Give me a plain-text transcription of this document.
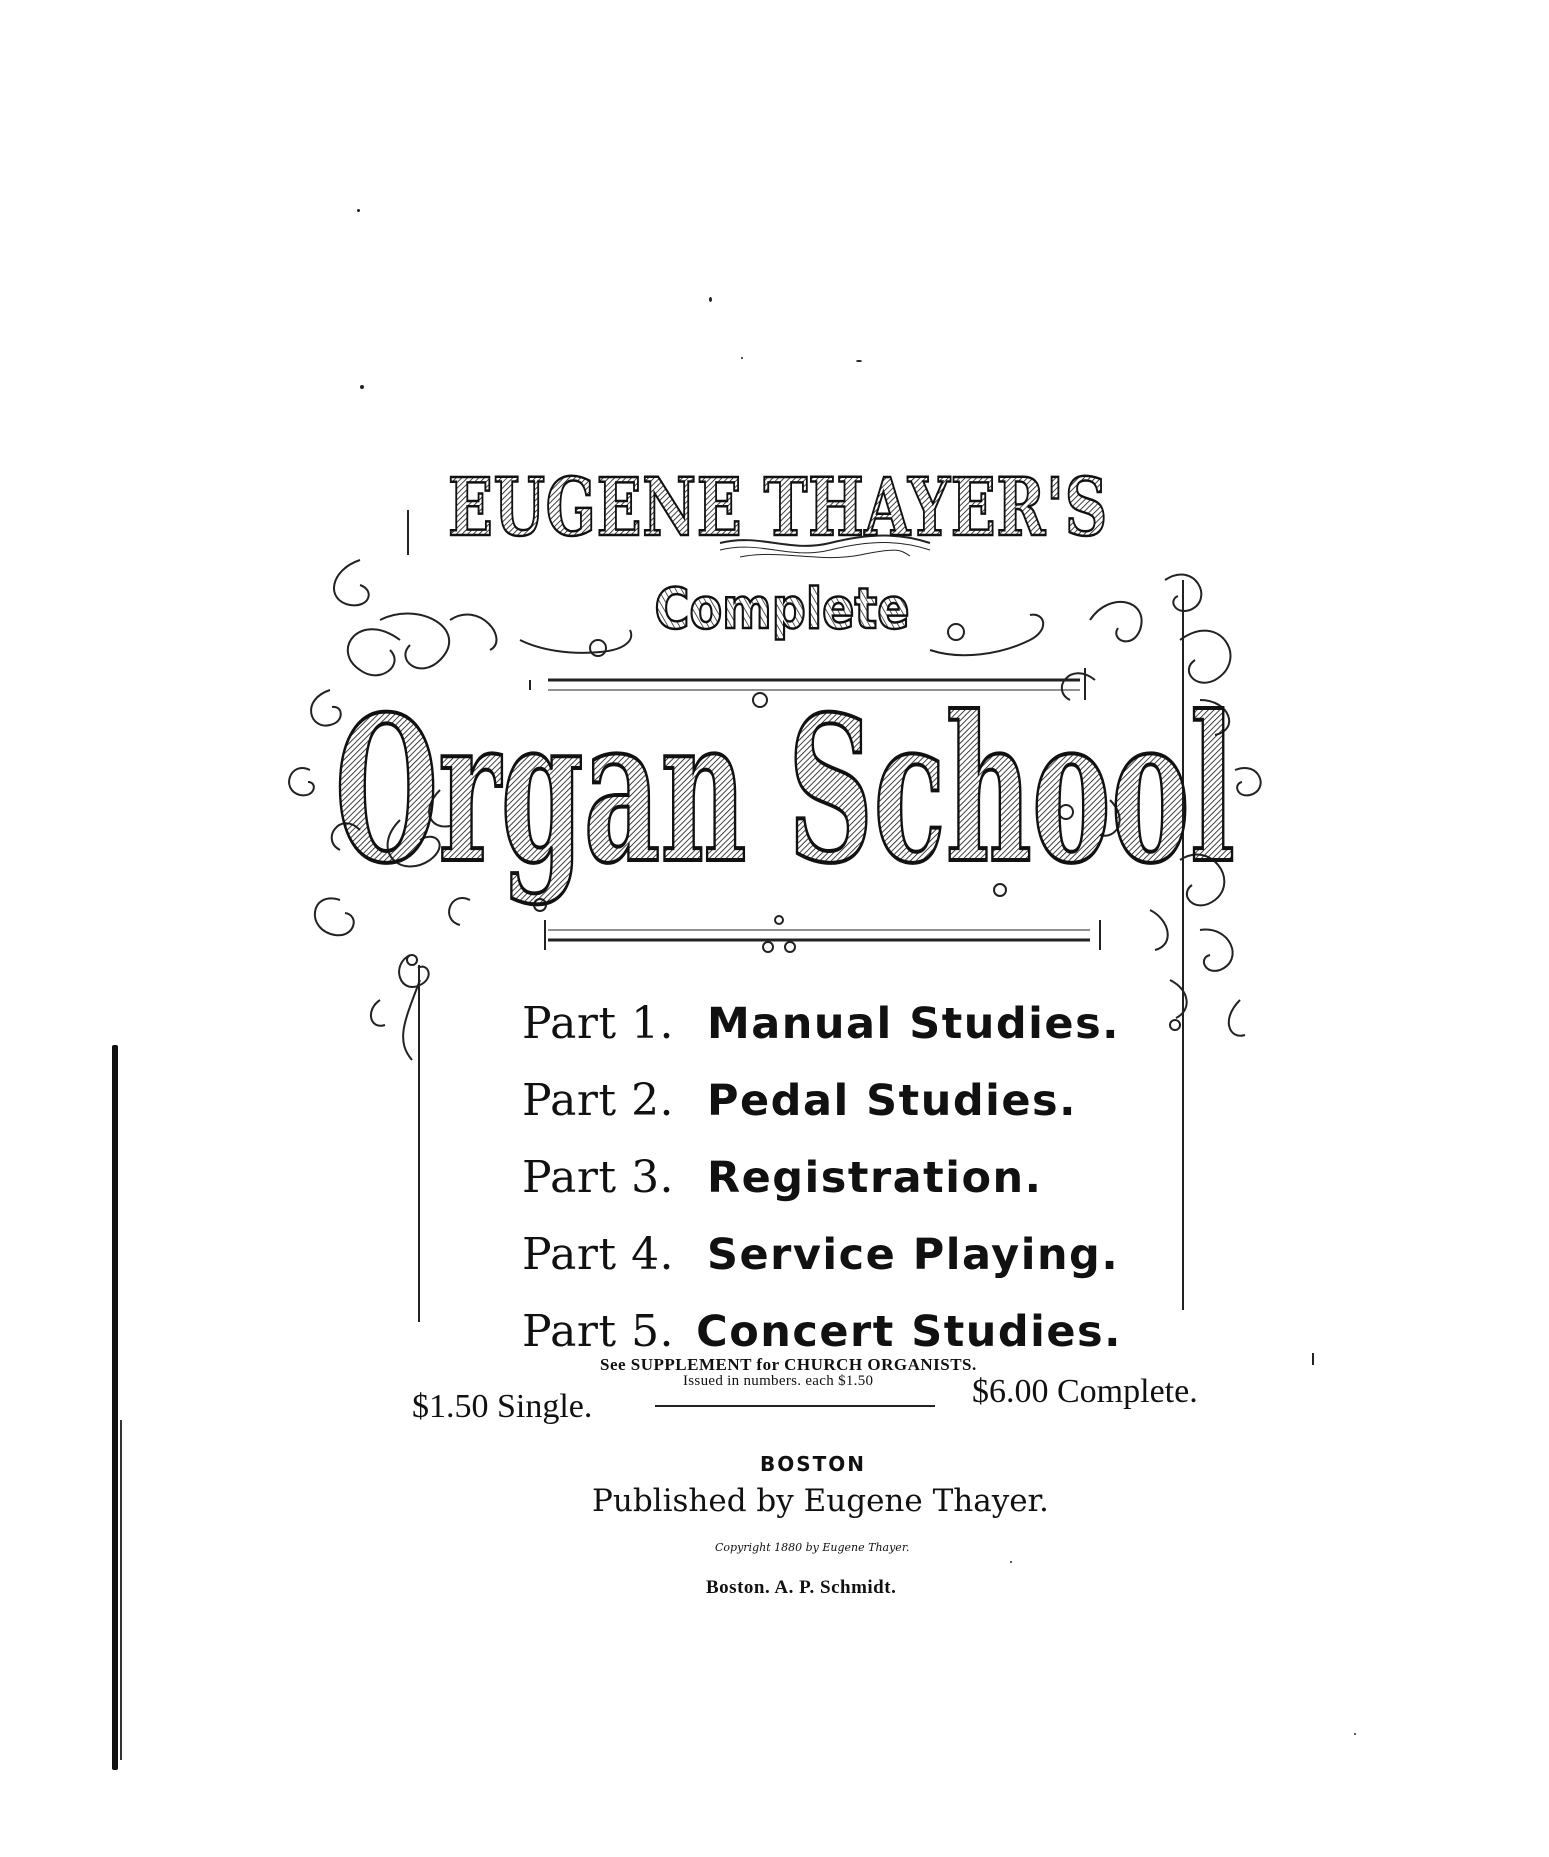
EUGENE THAYER'S
Complete
Organ School
Part 1. Manual Studies.
Part 2. Pedal Studies.
Part 3. Registration.
Part 4. Service Playing.
Part 5. Concert Studies.
See SUPPLEMENT for CHURCH ORGANISTS.
Issued in numbers. each $1.50
$1.50 Single.	$6.00 Complete.
BOSTON
Published by Eugene Thayer.
Copyright 1880 by Eugene Thayer.
Boston. A. P. Schmidt.
